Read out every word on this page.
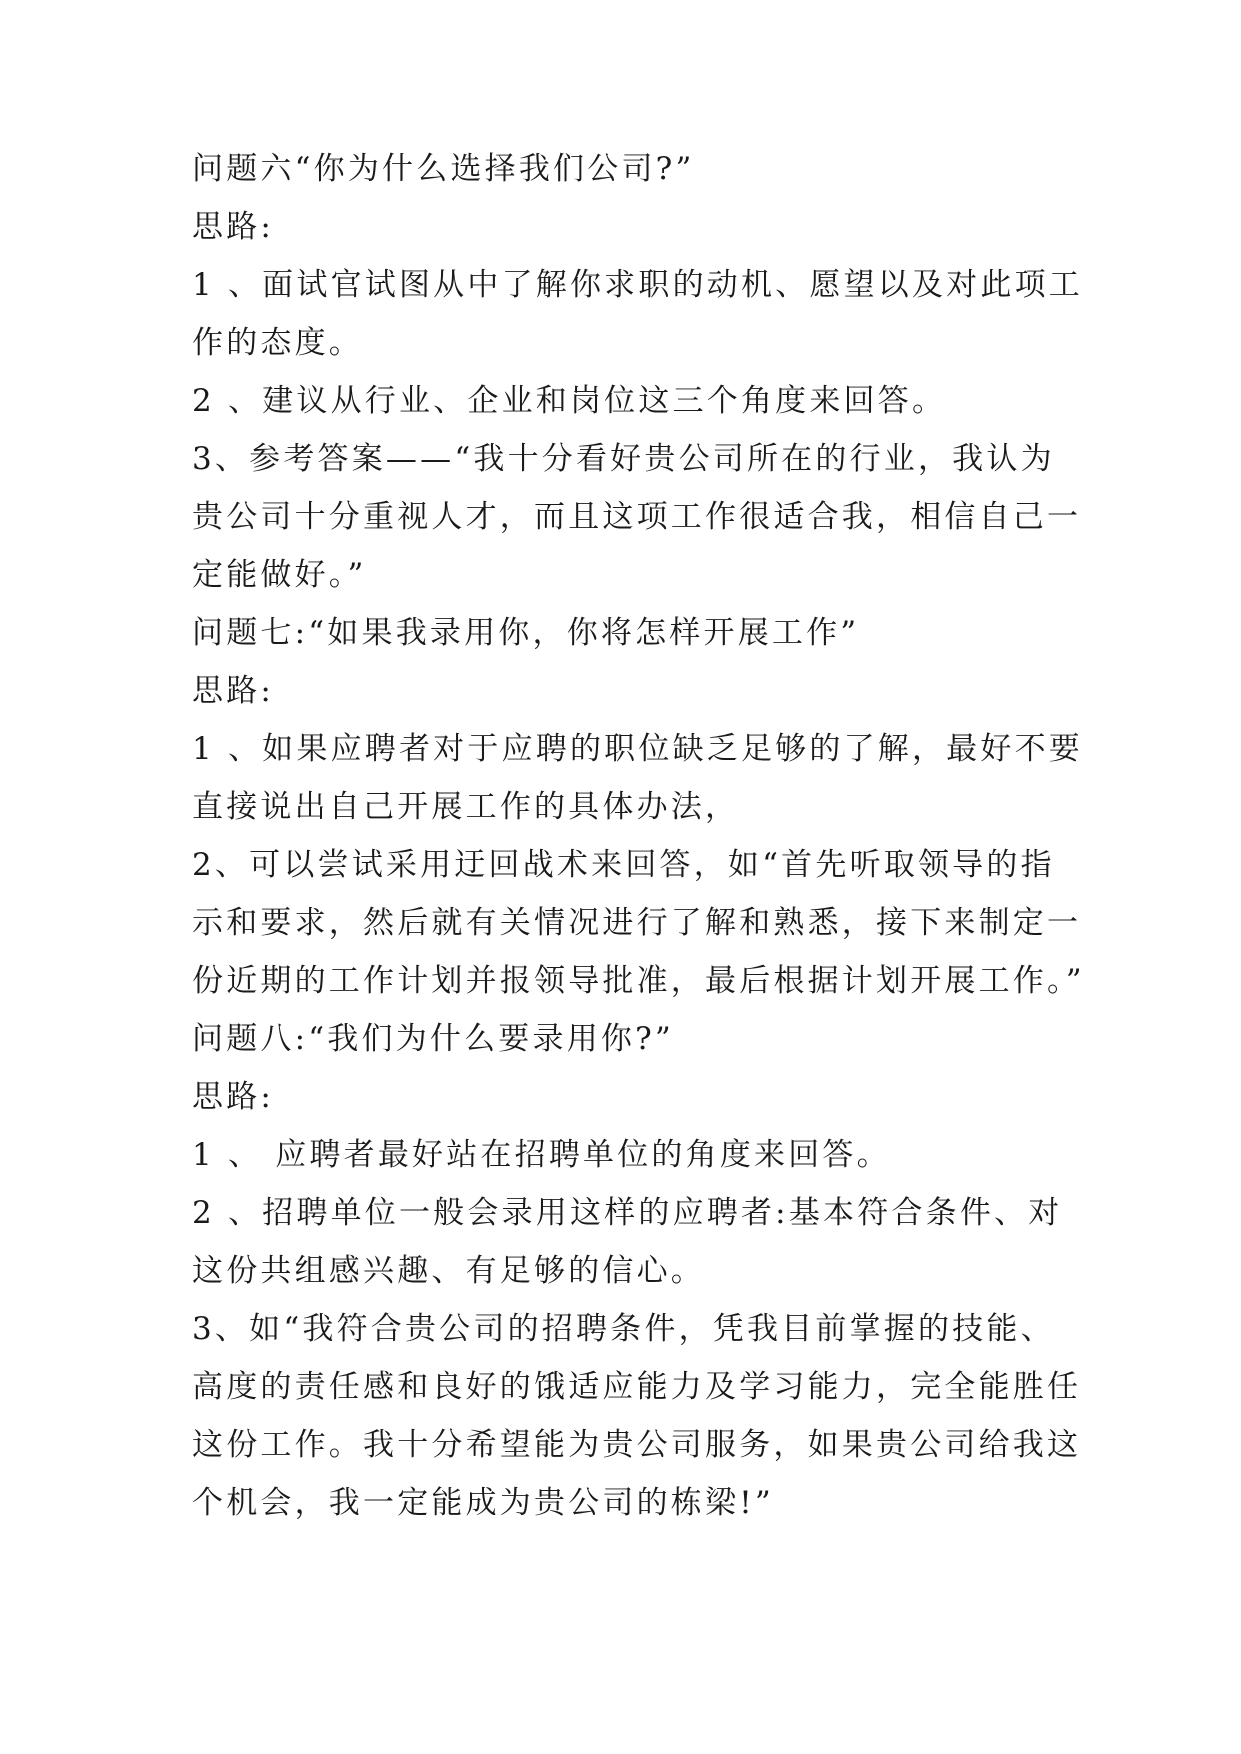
问题六“你为什么选择我们公司?”
思路:
1 、面试官试图从中了解你求职的动机、愿望以及对此项工
作的态度。
2 、建议从行业、企业和岗位这三个角度来回答。
3、参考答案——“我十分看好贵公司所在的行业，我认为
贵公司十分重视人才，而且这项工作很适合我，相信自己一
定能做好。”
问题七:“如果我录用你，你将怎样开展工作”
思路:
1 、如果应聘者对于应聘的职位缺乏足够的了解，最好不要
直接说出自己开展工作的具体办法，
2、可以尝试采用迂回战术来回答，如“首先听取领导的指
示和要求，然后就有关情况进行了解和熟悉，接下来制定一
份近期的工作计划并报领导批准，最后根据计划开展工作。”
问题八:“我们为什么要录用你?”
思路:
1 、 应聘者最好站在招聘单位的角度来回答。
2 、招聘单位一般会录用这样的应聘者:基本符合条件、对
这份共组感兴趣、有足够的信心。
3、如“我符合贵公司的招聘条件，凭我目前掌握的技能、
高度的责任感和良好的饿适应能力及学习能力，完全能胜任
这份工作。我十分希望能为贵公司服务，如果贵公司给我这
个机会，我一定能成为贵公司的栋梁!”
